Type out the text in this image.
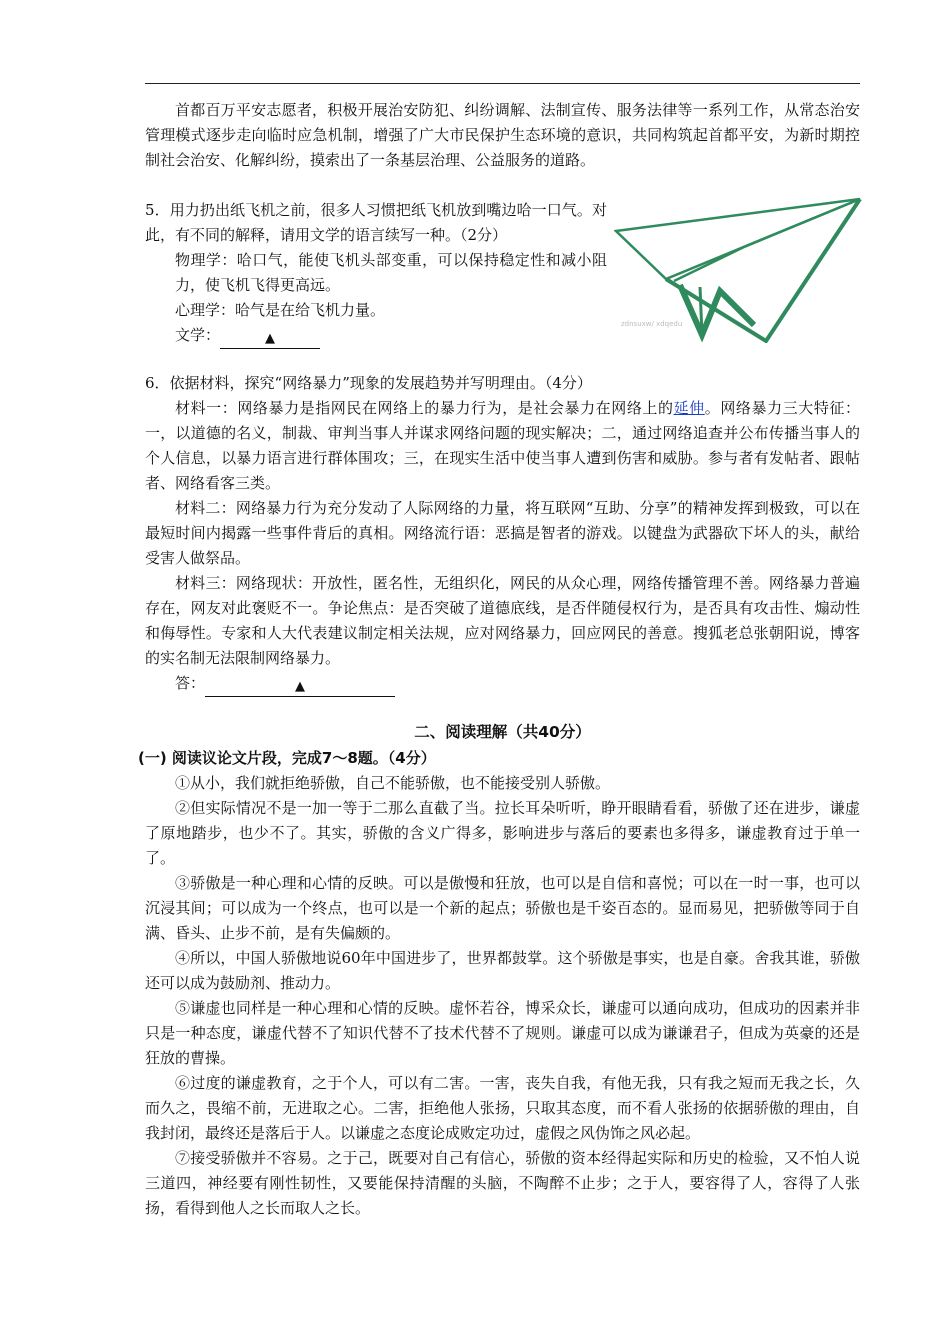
首都百万平安志愿者，积极开展治安防犯、纠纷调解、法制宣传、服务法律等一系列工作，从常态治安管理模式逐步走向临时应急机制，增强了广大市民保护生态环境的意识，共同构筑起首都平安，为新时期控制社会治安、化解纠纷，摸索出了一条基层治理、公益服务的道路。

5．用力扔出纸飞机之前，很多人习惯把纸飞机放到嘴边哈一口气。对此，有不同的解释，请用文学的语言续写一种。（2分）

物理学：哈口气，能使飞机头部变重，可以保持稳定性和减小阻力，使飞机飞得更高远。

心理学：哈气是在给飞机力量。

文学：	▲

zdnsuxw/ xdqedu

6．依据材料，探究“网络暴力”现象的发展趋势并写明理由。（4分）

材料一：网络暴力是指网民在网络上的暴力行为，是社会暴力在网络上的延伸。网络暴力三大特征：一，以道德的名义，制裁、审判当事人并谋求网络问题的现实解决；二，通过网络追查并公布传播当事人的个人信息，以暴力语言进行群体围攻；三，在现实生活中使当事人遭到伤害和威胁。参与者有发帖者、跟帖者、网络看客三类。

材料二：网络暴力行为充分发动了人际网络的力量，将互联网“互助、分享”的精神发挥到极致，可以在最短时间内揭露一些事件背后的真相。网络流行语：恶搞是智者的游戏。以键盘为武器砍下坏人的头，献给受害人做祭品。

材料三：网络现状：开放性，匿名性，无组织化，网民的从众心理，网络传播管理不善。网络暴力普遍存在，网友对此褒贬不一。争论焦点：是否突破了道德底线，是否伴随侵权行为，是否具有攻击性、煽动性和侮辱性。专家和人大代表建议制定相关法规，应对网络暴力，回应网民的善意。搜狐老总张朝阳说，博客的实名制无法限制网络暴力。

答：	▲

二、阅读理解（共40分）
(一) 阅读议论文片段，完成7～8题。（4分）

①从小，我们就拒绝骄傲，自己不能骄傲，也不能接受别人骄傲。

②但实际情况不是一加一等于二那么直截了当。拉长耳朵听听，睁开眼睛看看，骄傲了还在进步，谦虚了原地踏步，也少不了。其实，骄傲的含义广得多，影响进步与落后的要素也多得多，谦虚教育过于单一了。

③骄傲是一种心理和心情的反映。可以是傲慢和狂放，也可以是自信和喜悦；可以在一时一事，也可以沉浸其间；可以成为一个终点，也可以是一个新的起点；骄傲也是千姿百态的。显而易见，把骄傲等同于自满、昏头、止步不前，是有失偏颇的。

④所以，中国人骄傲地说60年中国进步了，世界都鼓掌。这个骄傲是事实，也是自豪。舍我其谁，骄傲还可以成为鼓励剂、推动力。

⑤谦虚也同样是一种心理和心情的反映。虚怀若谷，博采众长，谦虚可以通向成功，但成功的因素并非只是一种态度，谦虚代替不了知识代替不了技术代替不了规则。谦虚可以成为谦谦君子，但成为英豪的还是狂放的曹操。

⑥过度的谦虚教育，之于个人，可以有二害。一害，丧失自我，有他无我，只有我之短而无我之长，久而久之，畏缩不前，无进取之心。二害，拒绝他人张扬，只取其态度，而不看人张扬的依据骄傲的理由，自我封闭，最终还是落后于人。以谦虚之态度论成败定功过，虚假之风伪饰之风必起。

⑦接受骄傲并不容易。之于己，既要对自己有信心，骄傲的资本经得起实际和历史的检验，又不怕人说三道四，神经要有刚性韧性，又要能保持清醒的头脑，不陶醉不止步；之于人，要容得了人，容得了人张扬，看得到他人之长而取人之长。
